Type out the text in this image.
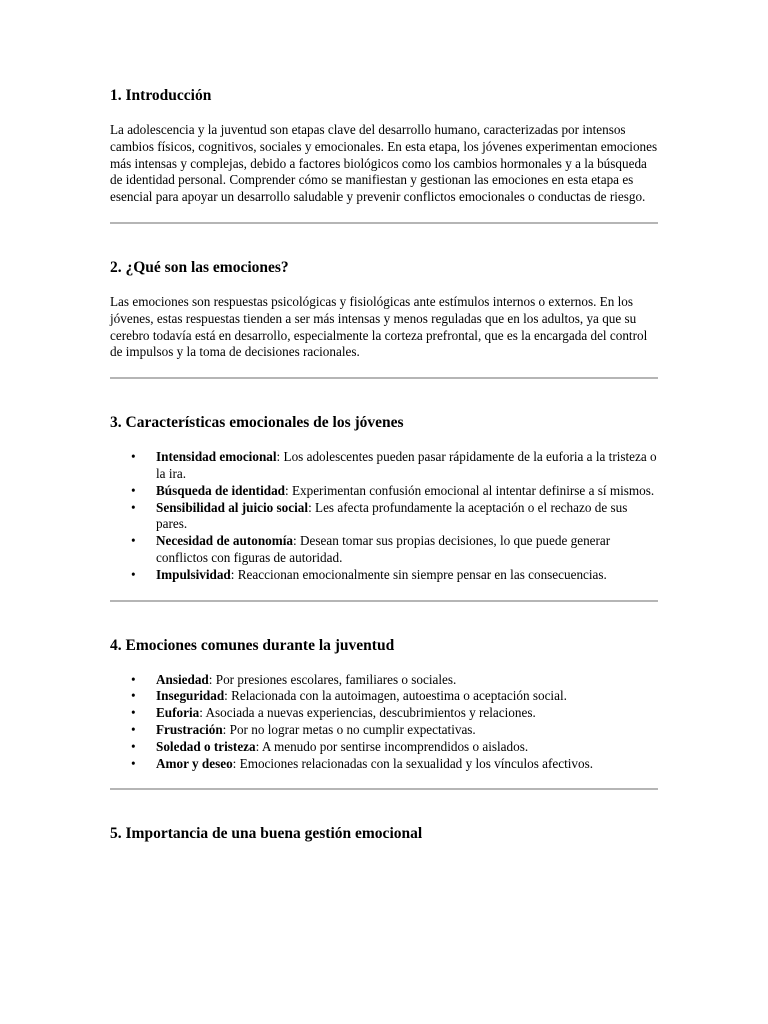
1. Introducción

La adolescencia y la juventud son etapas clave del desarrollo humano, caracterizadas por intensos cambios físicos, cognitivos, sociales y emocionales. En esta etapa, los jóvenes experimentan emociones más intensas y complejas, debido a factores biológicos como los cambios hormonales y a la búsqueda de identidad personal. Comprender cómo se manifiestan y gestionan las emociones en esta etapa es esencial para apoyar un desarrollo saludable y prevenir conflictos emocionales o conductas de riesgo.

2. ¿Qué son las emociones?

Las emociones son respuestas psicológicas y fisiológicas ante estímulos internos o externos. En los jóvenes, estas respuestas tienden a ser más intensas y menos reguladas que en los adultos, ya que su cerebro todavía está en desarrollo, especialmente la corteza prefrontal, que es la encargada del control de impulsos y la toma de decisiones racionales.

3. Características emocionales de los jóvenes
• Intensidad emocional: Los adolescentes pueden pasar rápidamente de la euforia a la tristeza o la ira.
• Búsqueda de identidad: Experimentan confusión emocional al intentar definirse a sí mismos.
• Sensibilidad al juicio social: Les afecta profundamente la aceptación o el rechazo de sus pares.
• Necesidad de autonomía: Desean tomar sus propias decisiones, lo que puede generar conflictos con figuras de autoridad.
• Impulsividad: Reaccionan emocionalmente sin siempre pensar en las consecuencias.
4. Emociones comunes durante la juventud
• Ansiedad: Por presiones escolares, familiares o sociales.
• Inseguridad: Relacionada con la autoimagen, autoestima o aceptación social.
• Euforia: Asociada a nuevas experiencias, descubrimientos y relaciones.
• Frustración: Por no lograr metas o no cumplir expectativas.
• Soledad o tristeza: A menudo por sentirse incomprendidos o aislados.
• Amor y deseo: Emociones relacionadas con la sexualidad y los vínculos afectivos.
5. Importancia de una buena gestión emocional
